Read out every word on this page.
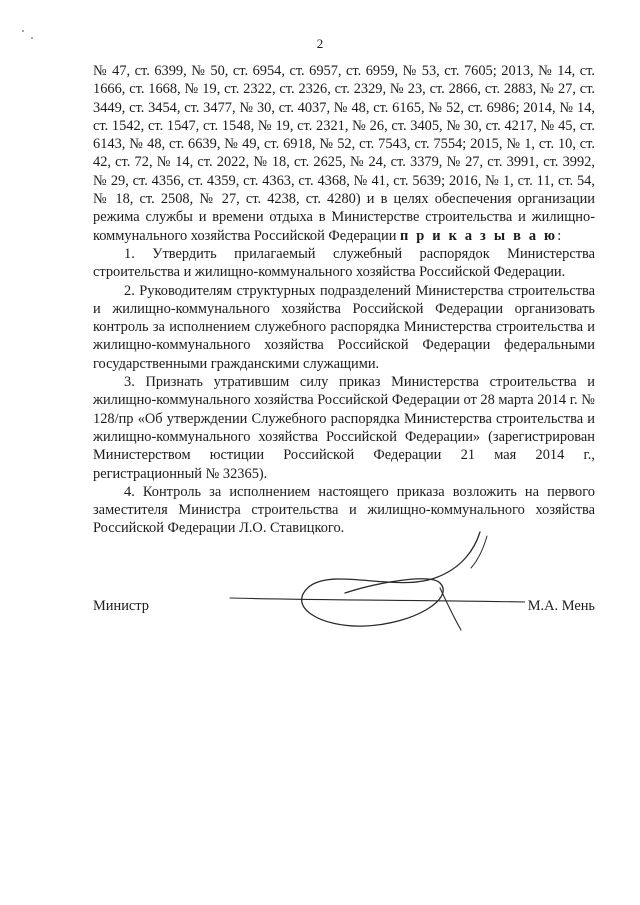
2

№ 47, ст. 6399, № 50, ст. 6954, ст. 6957, ст. 6959, № 53, ст. 7605; 2013, № 14, ст. 1666, ст. 1668, № 19, ст. 2322, ст. 2326, ст. 2329, № 23, ст. 2866, ст. 2883, № 27, ст. 3449, ст. 3454, ст. 3477, № 30, ст. 4037, № 48, ст. 6165, № 52, ст. 6986; 2014, № 14, ст. 1542, ст. 1547, ст. 1548, № 19, ст. 2321, № 26, ст. 3405, № 30, ст. 4217, № 45, ст. 6143, № 48, ст. 6639, № 49, ст. 6918, № 52, ст. 7543, ст. 7554; 2015, № 1, ст. 10, ст. 42, ст. 72, № 14, ст. 2022, № 18, ст. 2625, № 24, ст. 3379, № 27, ст. 3991, ст. 3992, № 29, ст. 4356, ст. 4359, ст. 4363, ст. 4368, № 41, ст. 5639; 2016, № 1, ст. 11, ст. 54, № 18, ст. 2508, № 27, ст. 4238, ст. 4280) и в целях обеспечения организации режима службы и времени отдыха в Министерстве строительства и жилищно-коммунального хозяйства Российской Федерации п р и к а з ы в а ю:

1. Утвердить прилагаемый служебный распорядок Министерства строительства и жилищно-коммунального хозяйства Российской Федерации.

2. Руководителям структурных подразделений Министерства строительства и жилищно-коммунального хозяйства Российской Федерации организовать контроль за исполнением служебного распорядка Министерства строительства и жилищно-коммунального хозяйства Российской Федерации федеральными государственными гражданскими служащими.

3. Признать утратившим силу приказ Министерства строительства и жилищно-коммунального хозяйства Российской Федерации от 28 марта 2014 г. № 128/пр «Об утверждении Служебного распорядка Министерства строительства и жилищно-коммунального хозяйства Российской Федерации» (зарегистрирован Министерством юстиции Российской Федерации 21 мая 2014 г., регистрационный № 32365).

4. Контроль за исполнением настоящего приказа возложить на первого заместителя Министра строительства и жилищно-коммунального хозяйства Российской Федерации Л.О. Ставицкого.

Министр	М.А. Мень
